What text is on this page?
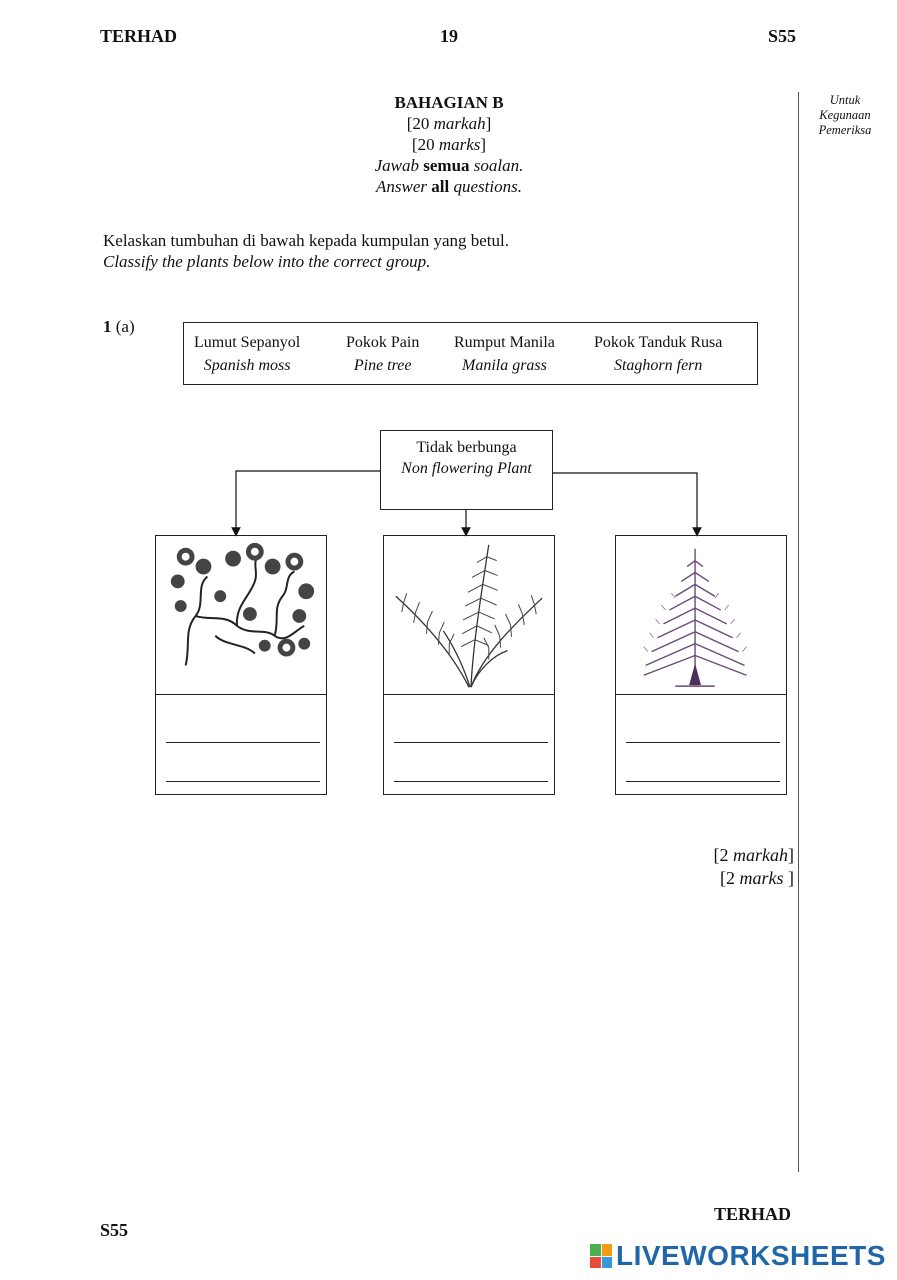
TERHAD	19	S55
Untuk
Kegunaan
Pemeriksa
BAHAGIAN B
[20 markah]
[20 marks]
Jawab semua soalan.
Answer all questions.
Kelaskan tumbuhan di bawah kepada kumpulan yang betul.
Classify the plants below into the correct group.
1 (a)
Lumut Sepanyol
Spanish moss
Pokok Pain
Pine tree
Rumput Manila
Manila grass
Pokok Tanduk Rusa
Staghorn fern
Tidak berbunga
Non flowering Plant
[2 markah]
[2 marks ]
TERHAD
S55
LIVEWORKSHEETS
